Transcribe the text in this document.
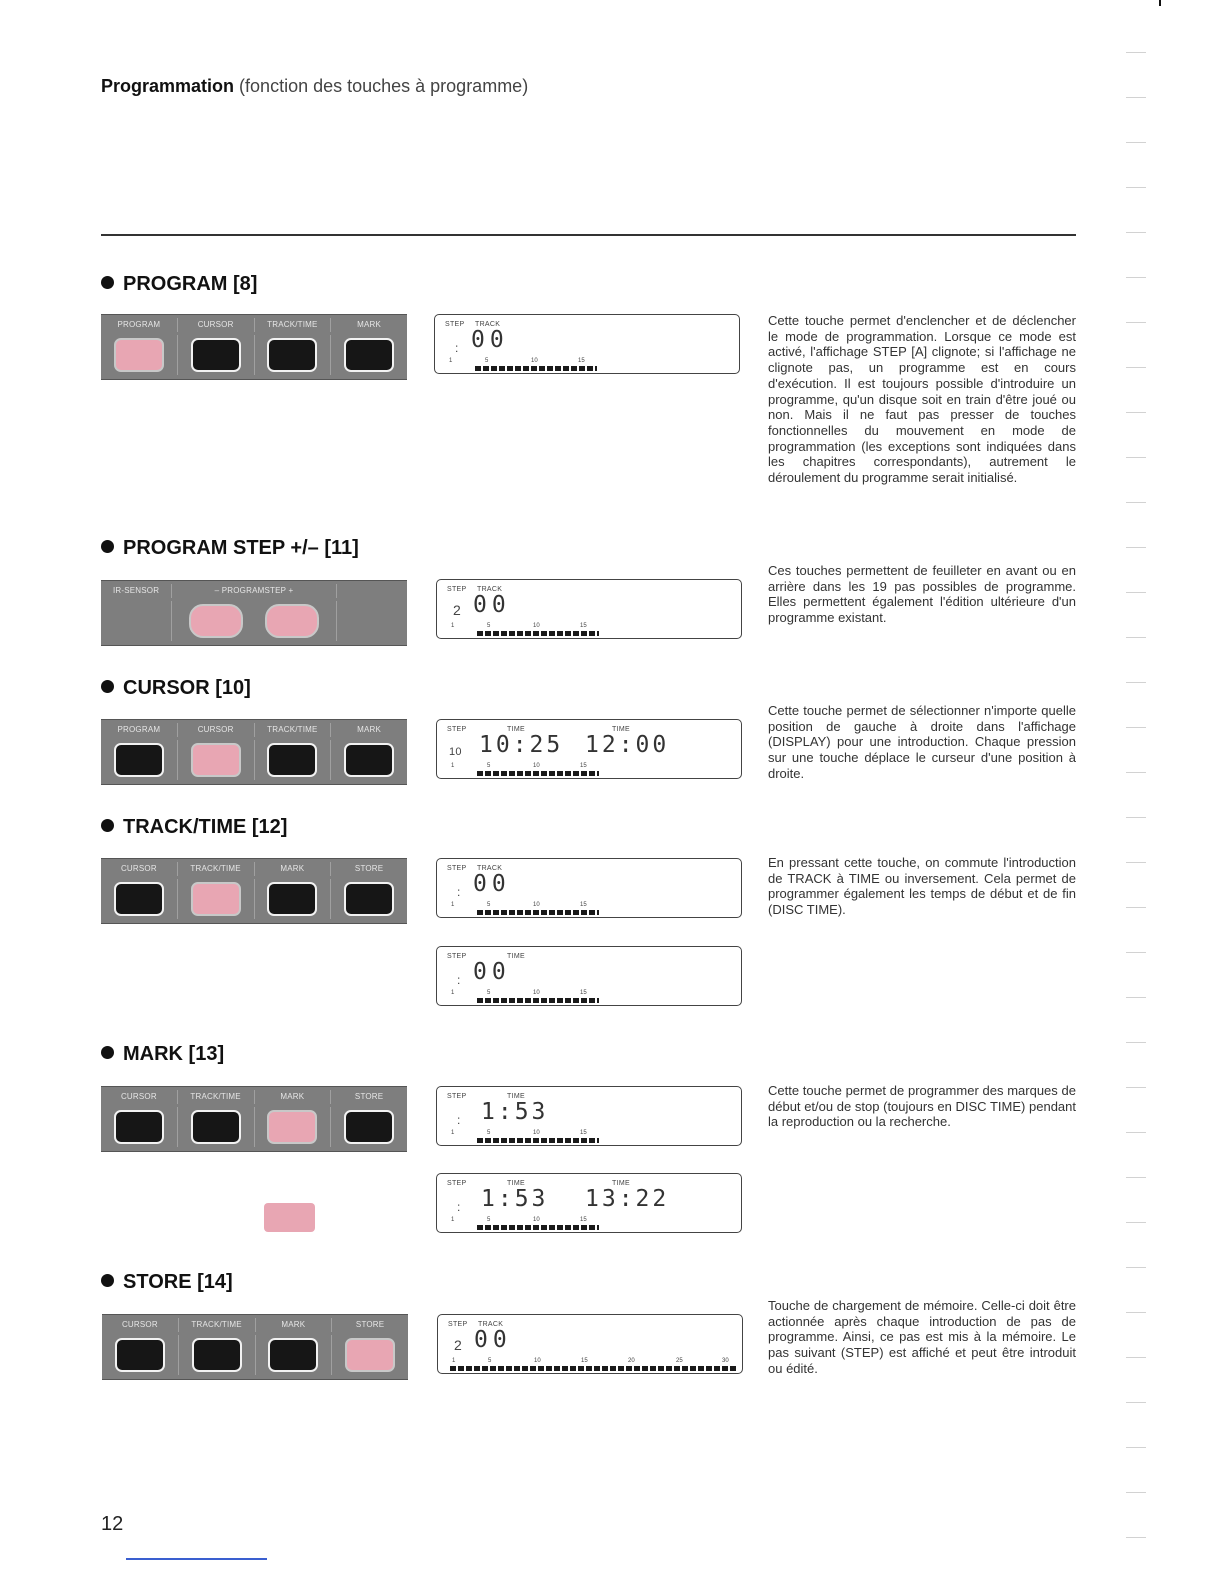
Programmation (fonction des touches à programme)
PROGRAM [8]
PROGRAM	CURSOR	TRACK/TIME	MARK	STEP TRACK
: 00
1	5	10	15
Cette touche permet d'enclencher et de déclencher le mode de programmation. Lorsque ce mode est activé, l'affichage STEP [A] clignote; si l'affichage ne clignote pas, un programme est en cours d'exécution. Il est toujours possible d'introduire un programme, qu'un disque soit en train d'être joué ou non. Mais il ne faut pas presser de touches fonctionnelles du mouvement en mode de programmation (les exceptions sont indiquées dans les chapitres correspondants), autrement le déroulement du programme serait initialisé.
PROGRAM STEP +/– [11]
IR-SENSOR	– PROGRAMSTEP +	STEP TRACK
2 00
1	5	10	15
Ces touches permettent de feuilleter en avant ou en arrière dans les 19 pas possibles de programme. Elles permettent également l'édition ultérieure d'un programme existant.
CURSOR [10]
PROGRAM	CURSOR	TRACK/TIME	MARK	STEP	TIME	TIME
10 10:25 12:00
1	5	10	15
Cette touche permet de sélectionner n'importe quelle position de gauche à droite dans l'affichage (DISPLAY) pour une introduction. Chaque pression sur une touche déplace le curseur d'une position à droite.
TRACK/TIME [12]
CURSOR	TRACK/TIME	MARK	STORE	STEP TRACK
: 00
1	5	10	15
STEP	TIME
: 00
1	5	10	15
En pressant cette touche, on commute l'introduction de TRACK à TIME ou inversement. Cela permet de programmer également les temps de début et de fin (DISC TIME).
MARK [13]
CURSOR	TRACK/TIME	MARK	STORE	STEP	TIME
: 1:53
1	5	10	15
STEP	TIME	TIME
: 1:53 13:22
1	5	10	15
Cette touche permet de programmer des marques de début et/ou de stop (toujours en DISC TIME) pendant la reproduction ou la recherche.
STORE [14]
CURSOR	TRACK/TIME	MARK	STORE	STEP TRACK
2 00
1	5	10	15	20	25	30
Touche de chargement de mémoire. Celle-ci doit être actionnée après chaque introduction de pas de programme. Ainsi, ce pas est mis à la mémoire. Le pas suivant (STEP) est affiché et peut être introduit ou édité.
12
